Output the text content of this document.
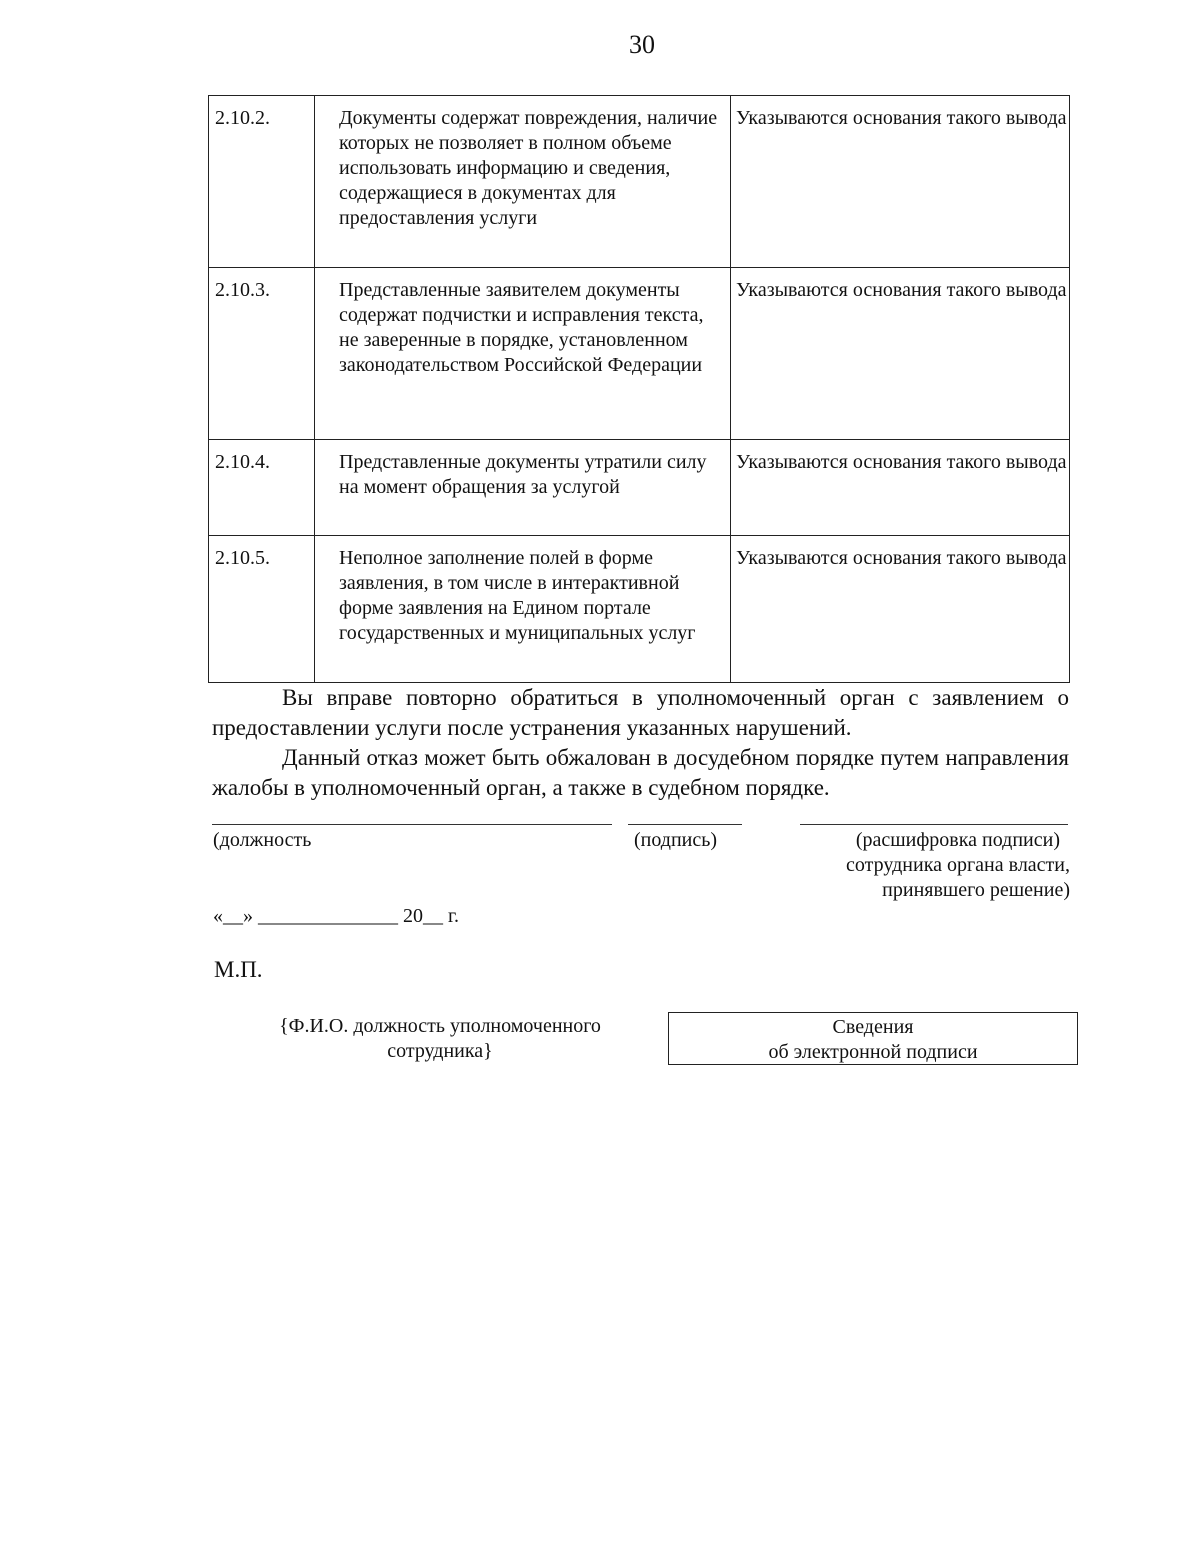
30
2.10.2.	Документы содержат повреждения, наличие которых не позволяет в полном объеме использовать информацию и сведения, содержащиеся в документах для предоставления услуги	Указываются основания такого вывода
2.10.3.	Представленные заявителем документы содержат подчистки и исправления текста, не заверенные в порядке, установленном законодательством Российской Федерации	Указываются основания такого вывода
2.10.4.	Представленные документы утратили силу на момент обращения за услугой	Указываются основания такого вывода
2.10.5.	Неполное заполнение полей в форме заявления, в том числе в интерактивной форме заявления на Едином портале государственных и муниципальных услуг	Указываются основания такого вывода
Вы вправе повторно обратиться в уполномоченный орган с заявлением о предоставлении услуги после устранения указанных нарушений.
Данный отказ может быть обжалован в досудебном порядке путем направления жалобы в уполномоченный орган, а также в судебном порядке.
(должность	(подпись)	(расшифровка подписи)
сотрудника органа власти,
принявшего решение)
«__» ______________ 20__ г.
М.П.
{Ф.И.О. должность уполномоченного
сотрудника}
Сведения
об электронной подписи
